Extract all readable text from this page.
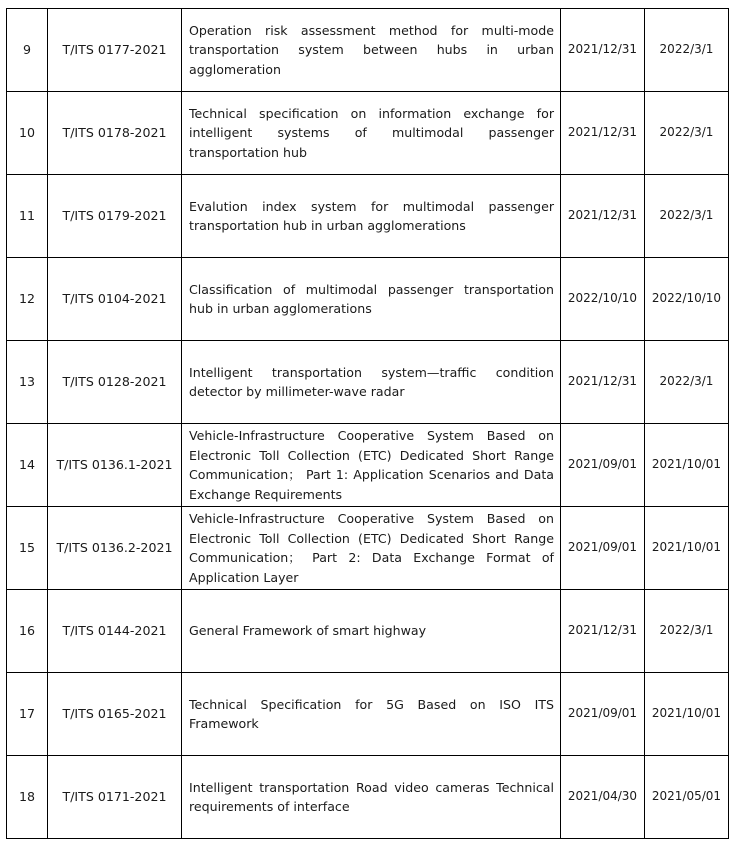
9	T/ITS 0177-2021	Operation risk assessment method for multi-mode transportation system between hubs in urban agglomeration	2021/12/31	2022/3/1
10	T/ITS 0178-2021	Technical specification on information exchange for intelligent systems of multimodal passenger transportation hub	2021/12/31	2022/3/1
11	T/ITS 0179-2021	Evalution index system for multimodal passenger transportation hub in urban agglomerations	2021/12/31	2022/3/1
12	T/ITS 0104-2021	Classification of multimodal passenger transportation hub in urban agglomerations	2022/10/10	2022/10/10
13	T/ITS 0128-2021	Intelligent transportation system—traffic condition detector by millimeter-wave radar	2021/12/31	2022/3/1
14	T/ITS 0136.1-2021	Vehicle-Infrastructure Cooperative System Based on Electronic Toll Collection (ETC) Dedicated Short Range Communication； Part 1: Application Scenarios and Data Exchange Requirements	2021/09/01	2021/10/01
15	T/ITS 0136.2-2021	Vehicle-Infrastructure Cooperative System Based on Electronic Toll Collection (ETC) Dedicated Short Range Communication； Part 2: Data Exchange Format of Application Layer	2021/09/01	2021/10/01
16	T/ITS 0144-2021	General Framework of smart highway	2021/12/31	2022/3/1
17	T/ITS 0165-2021	Technical Specification for 5G Based on ISO ITS Framework	2021/09/01	2021/10/01
18	T/ITS 0171-2021	Intelligent transportation Road video cameras Technical requirements of interface	2021/04/30	2021/05/01
